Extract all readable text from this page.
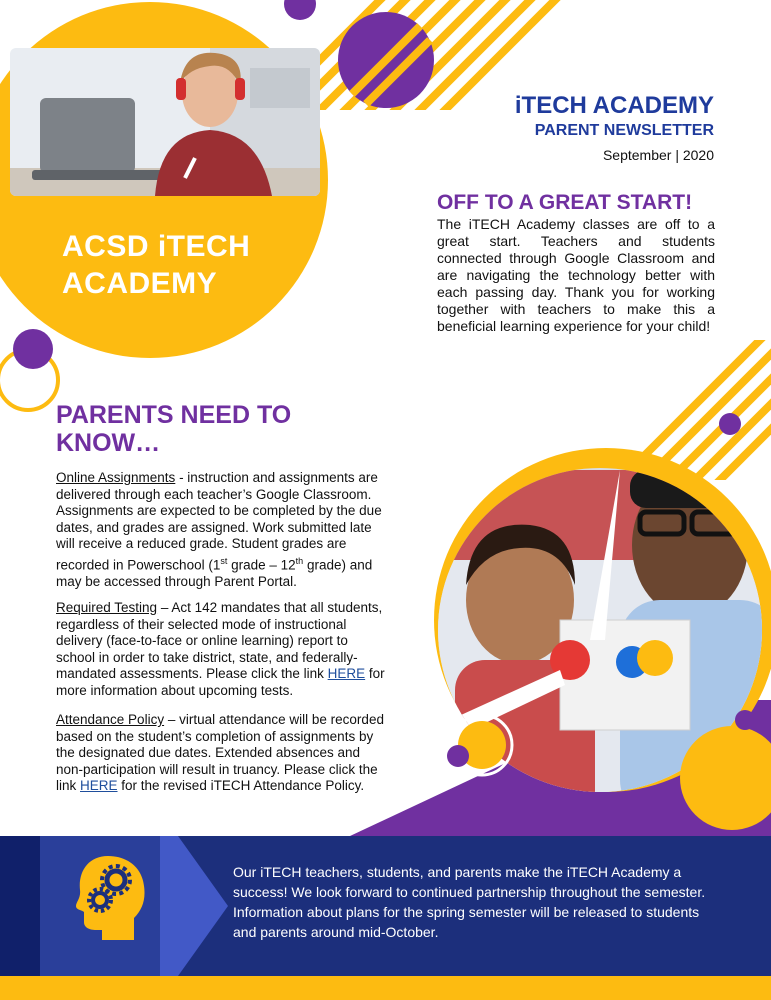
ACSD iTECH
ACADEMY
iTECH ACADEMY
PARENT NEWSLETTER
September | 2020
OFF TO A GREAT START!

The iTECH Academy classes are off to a great start. Teachers and students connected through Google Classroom and are navigating the technology better with each passing day. Thank you for working together with teachers to make this a beneficial learning experience for your child!

PARENTS NEED TO
KNOW…

Online Assignments - instruction and assignments are delivered through each teacher’s Google Classroom. Assignments are expected to be completed by the due dates, and grades are assigned. Work submitted late will receive a reduced grade. Student grades are recorded in Powerschool (1st grade – 12th grade) and may be accessed through Parent Portal.

Required Testing – Act 142 mandates that all students, regardless of their selected mode of instructional delivery (face-to-face or online learning) report to school in order to take district, state, and federally-mandated assessments. Please click the link HERE for more information about upcoming tests.

Attendance Policy – virtual attendance will be recorded based on the student’s completion of assignments by the designated due dates. Extended absences and non-participation will result in truancy. Please click the link HERE for the revised iTECH Attendance Policy.

Our iTECH teachers, students, and parents make the iTECH Academy a success! We look forward to continued partnership throughout the semester. Information about plans for the spring semester will be released to students and parents around mid-October.
